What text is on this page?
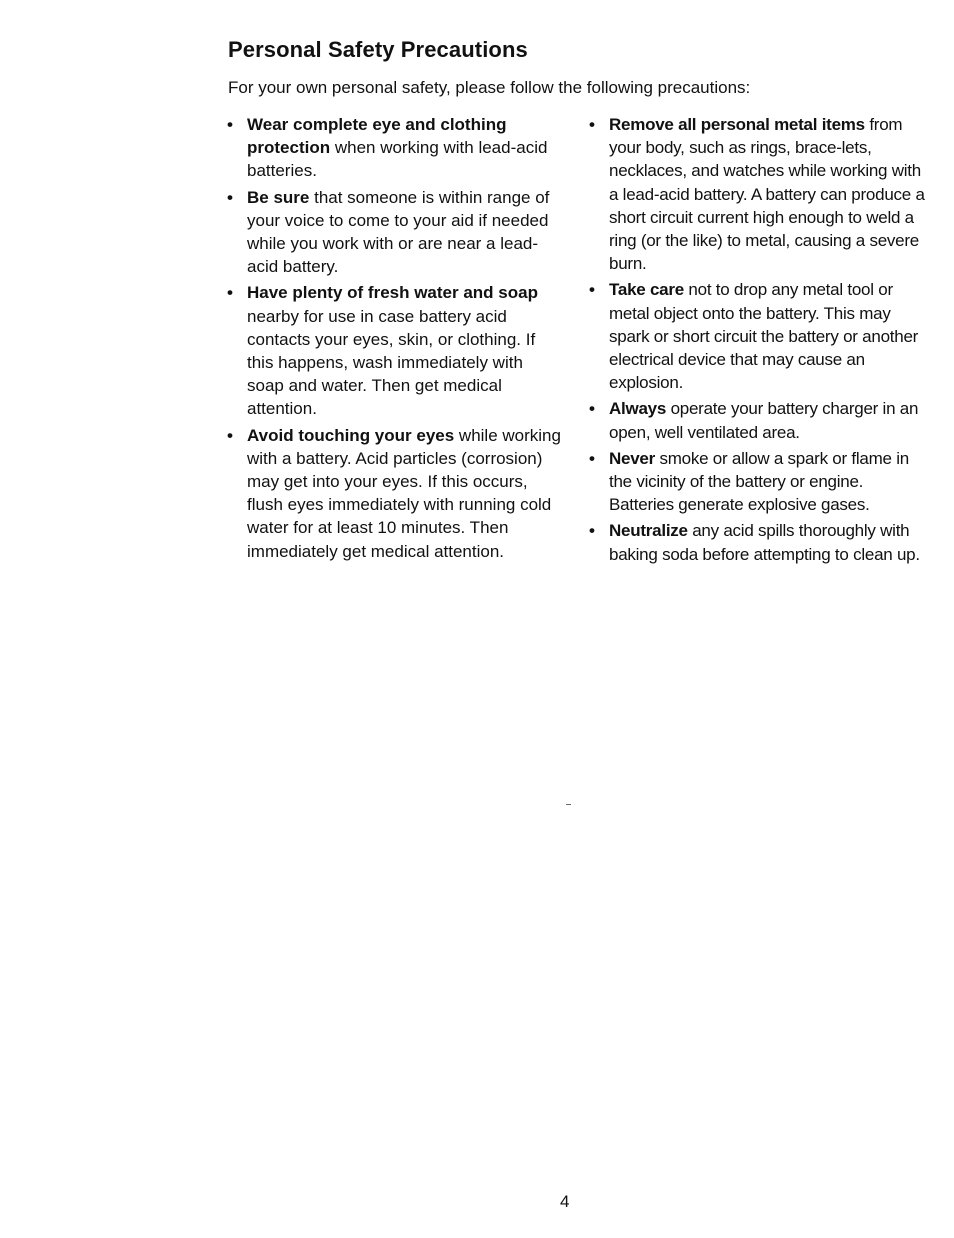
Personal Safety Precautions

For your own personal safety, please follow the following precautions:

• Wear complete eye and clothing protection when working with lead-acid batteries.
• Be sure that someone is within range of your voice to come to your aid if needed while you work with or are near a lead-acid battery.
• Have plenty of fresh water and soap nearby for use in case battery acid contacts your eyes, skin, or clothing. If this happens, wash immediately with soap and water. Then get medical attention.
• Avoid touching your eyes while working with a battery. Acid particles (corrosion) may get into your eyes. If this occurs, flush eyes immediately with running cold water for at least 10 minutes. Then immediately get medical attention.
• Remove all personal metal items from your body, such as rings, brace-lets, necklaces, and watches while working with a lead-acid battery. A battery can produce a short circuit current high enough to weld a ring (or the like) to metal, causing a severe burn.
• Take care not to drop any metal tool or metal object onto the battery. This may spark or short circuit the battery or another electrical device that may cause an explosion.
• Always operate your battery charger in an open, well ventilated area.
• Never smoke or allow a spark or flame in the vicinity of the battery or engine. Batteries generate explosive gases.
• Neutralize any acid spills thoroughly with baking soda before attempting to clean up.
4
